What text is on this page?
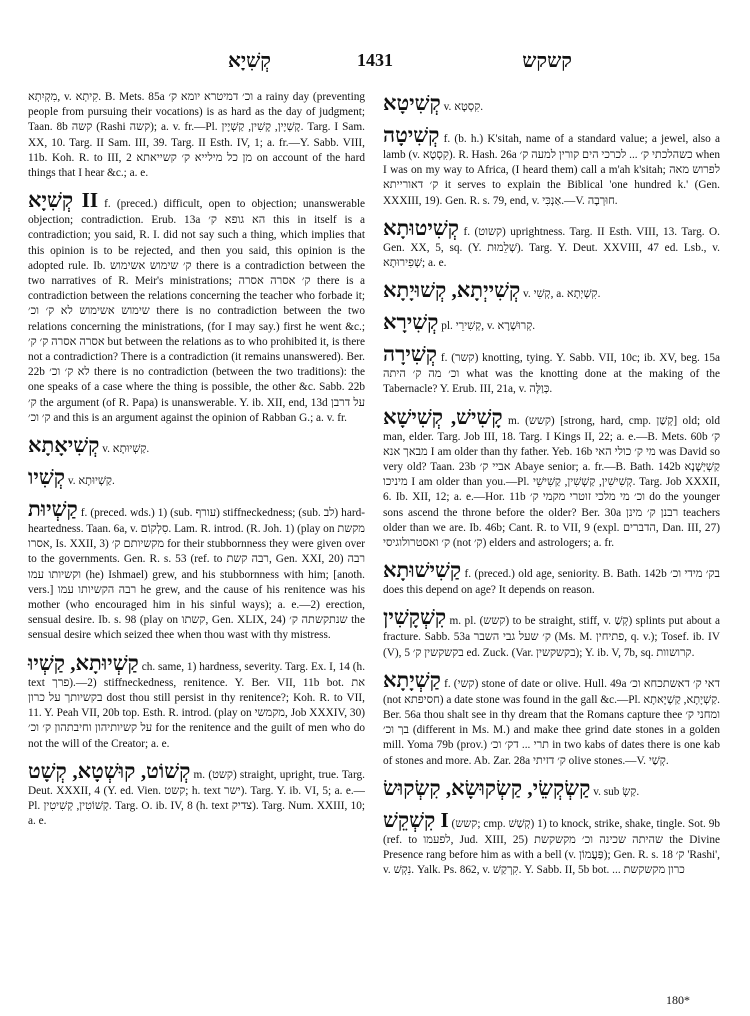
קְשִׁיָא	1431	קשקש

מִקְיִתְא, v. קִיתְא. B. Mets. 85a וכ׳ דמיטרא יומא ק׳ a rainy day (preventing people from pursuing their vocations) is as hard as the day of judgment; Taan. 8b קשה (Rashi קשה); a. v. fr.—Pl. קָשְׁיָין, קָשִׁין, קַשְׁיָין. Targ. I Sam. XX, 10. Targ. II Sam. III, 39. Targ. II Esth. IV, 1; a. fr.—Y. Sabb. VIII, 11b. Koh. R. to III, 2 מן כל מילייא ק׳ קשייאתא on account of the hard things that I hear &c.; a. e.

קְשִׁיָא II f. (preced.) difficult, open to objection; unanswerable objection; contradiction. Erub. 13a הא גופא ק׳ this in itself is a contradiction; you said, R. I. did not say such a thing, which implies that this opinion is to be rejected, and then you said, this opinion is the adopted rule. Ib. ק׳ שימוש אשימוש there is a contradiction between the two narratives of R. Meir's ministrations; ק׳ אסרה אסרה there is a contradiction between the relations concerning the teacher who forbade it; שימוש אשימוש לא ק׳ וכ׳ there is no contradiction between the two relations concerning the ministrations, (for I may say.) first he went &c.; אסרה אסרה ק׳ ק׳ but between the relations as to who prohibited it, is there not a contradiction? There is a contradiction (it remains unanswered). Ber. 22b לא ק׳ וכ׳ there is no contradiction (between the two traditions): the one speaks of a case where the thing is possible, the other &c. Sabb. 22b ק׳ the argument (of R. Papa) is unanswerable. Y. ib. XII, end, 13d על דרבן ק׳ וכ׳ and this is an argument against the opinion of Rabban G.; a. v. fr.

קְשִׁיאָתָא v. קַשְׁיוּתָא.

קְשִׁיו v. קַשְׁיוּתָא.

קַשְׁיוּת f. (preced. wds.) 1) (sub. עורף) stiffneckedness; (sub. לב) hard-heartedness. Taan. 6a, v. סִלְקוֹם. Lam. R. introd. (R. Joh. 1) (play on מקשת אסרו, Is. XXII, 3) מקשיותם ק׳ for their stubbornness they were given over to the governments. Gen. R. s. 53 (ref. to רבה קשת, Gen. XXI, 20) רבה וקשיותו עמו (he) Ishmael) grew, and his stubbornness with him; [anoth. vers.] רבה הקשיותו עמו he grew, and the cause of his renitence was his mother (who encouraged him in his sinful ways); a. e.—2) erection, sensual desire. Ib. s. 98 (play on קשתו, Gen. XLIX, 24) שנתקשתה ק׳ the sensual desire which seized thee when thou wast with thy mistress.

קַשְׁיוּתָא, קַשְׁיוּ ch. same, 1) hardness, severity. Targ. Ex. I, 14 (h. text פרך).—2) stiffneckedness, renitence. Y. Ber. VII, 11b bot. את בקשיותך על כרון dost thou still persist in thy renitence?; Koh. R. to VII, 11. Y. Peah VII, 20b top. Esth. R. introd. (play on מקמשי, Job XXXIV, 30) על קשיותיהון וחיבתהון ק׳ וכ׳ for the renitence and the guilt of men who do not the will of the Creator; a. e.

קְשׁוֹט, קוּשְׁטָא, קְשָׁט m. (קשט) straight, upright, true. Targ. Deut. XXXII, 4 (Y. ed. Vien. קשט; h. text ישר). Targ. Y. ib. VI, 5; a. e.—Pl. קְשׁוֹטִין, קְשִׁיטִין. Targ. O. ib. IV, 8 (h. text צדיק). Targ. Num. XXIII, 10; a. e.

קְשִׁיטָא v. קִסְטָא.

קְשִׁיטָה f. (b. h.) K'sitah, name of a standard value; a jewel, also a lamb (v. קִסְטָא). R. Hash. 26a כשהלכתי ק׳ ... לכרכי הים קורין למעה ק׳ when I was on my way to Africa, (I heard them) call a m'ah k'sitah; לפרוש מאה ק׳ דאורייתא it serves to explain the Biblical 'one hundred k.' (Gen. XXXIII, 19). Gen. R. s. 79, end, v. אַנְכִּי.—V. חוּרְבָה.

קְשִׁיטוּתָא f. (קשוט) uprightness. Targ. II Esth. VIII, 13. Targ. O. Gen. XX, 5, sq. (Y. שְׁלֵמוּת). Targ. Y. Deut. XXVIII, 47 ed. Lsb., v. שְׁפִירוּתָא; a. e.

קְשִׁייְתָא, קְשׁוּיָתָא v. קְשִׁי, a. קִשְׁיְתָא.

קְשִׁירָא pl. קְשִׁירֵי, v. קְרוּשְׁרָא.

קְשִׁירָה f. (קשר) knotting, tying. Y. Sabb. VII, 10c; ib. XV, beg. 15a וכ׳ מה ק׳ היתה what was the knotting done at the making of the Tabernacle? Y. Erub. III, 21a, v. כְּוַלָּה.

קָשִׁישׁ, קְשִׁישָׁא m. (קשש) [strong, hard, cmp. קְשַׁן] old; old man, elder. Targ. Job III, 18. Targ. I Kings II, 22; a. e.—B. Mets. 60b ק׳ מבאך אנא I am older than thy father. Yeb. 16b מי ק׳ כולי האי was David so very old? Taan. 23b אביי ק׳ Abaye senior; a. fr.—B. Bath. 142b קַשְׁיְשָׁנָא מיניכו I am older than you.—Pl. קְשִׁישִׁין, קַשְׁשִׁין, קַשִׁישֵׁי. Targ. Job XXXII, 6. Ib. XII, 12; a. e.—Hor. 11b וכ׳ מי מלכי זוטרי מקמי ק׳ do the younger sons ascend the throne before the older? Ber. 30a רבנן ק׳ מינן teachers older than we are. Ib. 46b; Cant. R. to VII, 9 (expl. הדברים, Dan. III, 27) ק׳ ואסטרולוגיסי (not ק׳) elders and astrologers; a. fr.

קַשִׁישׁוּתָא f. (preced.) old age, seniority. B. Bath. 142b בק׳ מידי וכ׳ does this depend on age? It depends on reason.

קִשְׁקָשִׁין m. pl. (קשש) to be straight, stiff, v. קְשַׁ) splints put about a fracture. Sabb. 53a ק׳ שעל גבי השבר (Ms. M. פתיחין, q. v.); Tosef. ib. IV (V), 5 בקשקשין ק׳ ed. Zuck. (Var. בקשקשין); Y. ib. V, 7b, sq. קרושוות.

קַשְׁיָתָא f. (קשי) stone of date or olive. Hull. 49a דאי ק׳ דאשתכחא וכ׳ (not חסיפתא) a date stone was found in the gall &c.—Pl. קַשְׁיָתָא, קַשְׁיָאתָא. Ber. 56a thou shalt see in thy dream that the Romans capture thee ומחני ק׳ בך וכ׳ (different in Ms. M.) and make thee grind date stones in a golden mill. Yoma 79b (prov.) תרי ... דק׳ וכ׳ in two kabs of dates there is one kab of stones and more. Ab. Zar. 28a ק׳ דזיתי olive stones.—V. קְשַׁי.

קַשְׂקְשֵׂי, קַשְׂקוּשָׂא, קִשְׂקוּשׂ v. sub קַשְׂ.

קִשְׁקֵשׁ I (קשש; cmp. קְשַׁשׁ) 1) to knock, strike, shake, tingle. Sot. 9b (ref. to לפעמו, Jud. XIII, 25) שהיתה שכינה וכ׳ מקשקשת the Divine Presence rang before him as with a bell (v. פַּעֲמוֹן); Gen. R. s. 18 ק׳ 'Rashi', v. נִקְשׁ. Yalk. Ps. 862, v. קִרְקַשׁ. Y. Sabb. II, 5b bot. ... כרון מקשקשת

180*
